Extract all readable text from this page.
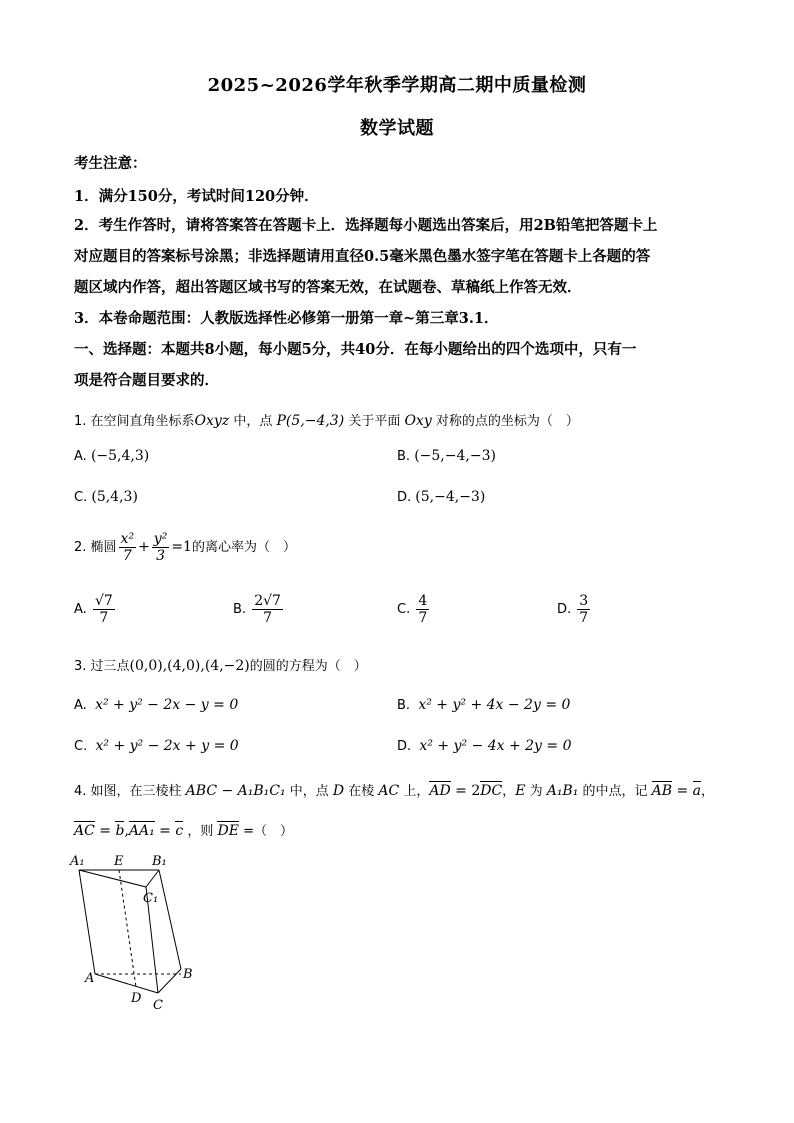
2025~2026学年秋季学期高二期中质量检测
数学试题
考生注意：
1．满分150分，考试时间120分钟．
2．考生作答时，请将答案答在答题卡上．选择题每小题选出答案后，用2B铅笔把答题卡上
对应题目的答案标号涂黑；非选择题请用直径0.5毫米黑色墨水签字笔在答题卡上各题的答
题区域内作答，超出答题区域书写的答案无效，在试题卷、草稿纸上作答无效．
3．本卷命题范围：人教版选择性必修第一册第一章~第三章3.1．
一、选择题：本题共8小题，每小题5分，共40分．在每小题给出的四个选项中，只有一
项是符合题目要求的．
1. 在空间直角坐标系Oxyz 中，点 P(5,−4,3) 关于平面 Oxy 对称的点的坐标为（　）
A. (−5,4,3)	B. (−5,−4,−3)
C. (5,4,3)	D. (5,−4,−3)
2. 椭圆 $\frac{\text{x²}}{7} + \frac{\text{y²}}{3} =1$的离心率为（　）
A. $\frac{√7}{7}$	B. $\frac{2√7}{7}$	C. $\frac{4}{7}$	D. $\frac{3}{7}$
3. 过三点(0,0),(4,0),(4,−2)的圆的方程为（　）
A. x² + y² − 2x − y = 0	B. x² + y² + 4x − 2y = 0
C. x² + y² − 2x + y = 0	D. x² + y² − 4x + 2y = 0
4. 如图，在三棱柱 ABC − A₁B₁C₁ 中，点 D 在棱 AC 上，AD = 2DC，E 为 A₁B₁ 的中点，记 AB = a，
AC = b,AA₁ = c ，则 DE =（　）
A₁ E B₁
C₁
A	B
D C
